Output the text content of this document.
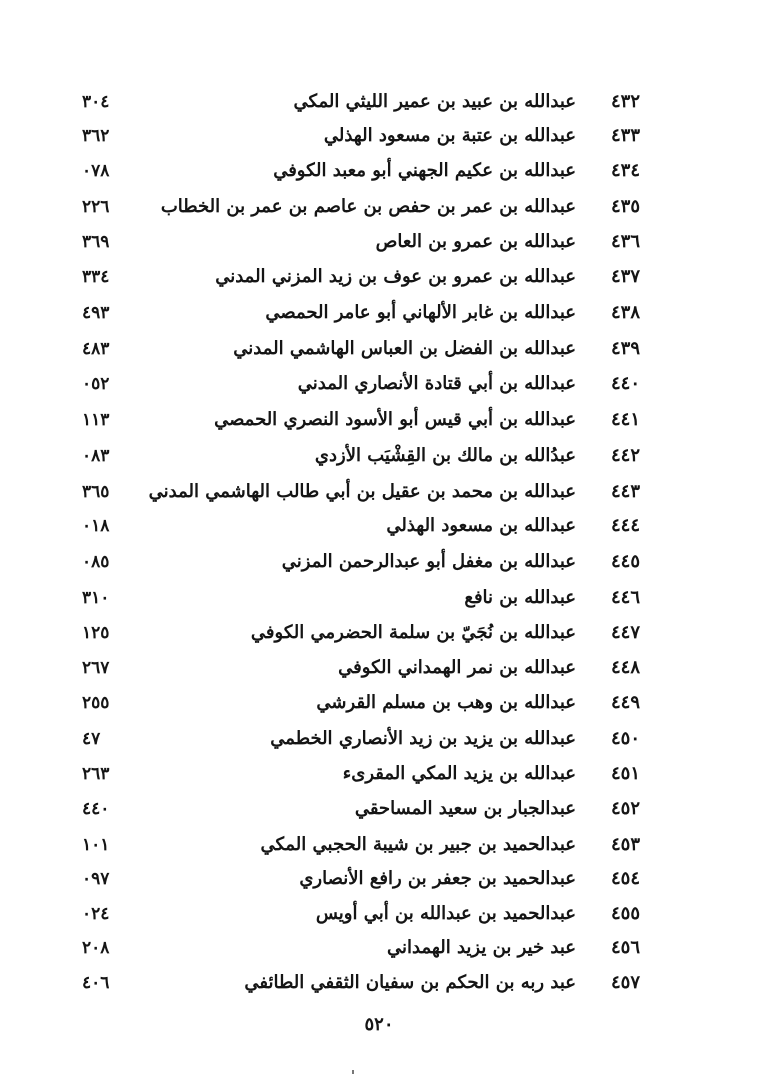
٤٣٢
عبدالله بن عبيد بن عمير الليثي المكي
٣٠٤
٤٣٣
عبدالله بن عتبة بن مسعود الهذلي
٣٦٢
٤٣٤
عبدالله بن عكيم الجهني أبو معبد الكوفي
٠٧٨
٤٣٥
عبدالله بن عمر بن حفص بن عاصم بن عمر بن الخطاب
٢٢٦
٤٣٦
عبدالله بن عمرو بن العاص
٣٦٩
٤٣٧
عبدالله بن عمرو بن عوف بن زيد المزني المدني
٣٣٤
٤٣٨
عبدالله بن غابر الألهاني أبو عامر الحمصي
٤٩٣
٤٣٩
عبدالله بن الفضل بن العباس الهاشمي المدني
٤٨٣
٤٤٠
عبدالله بن أبي قتادة الأنصاري المدني
٠٥٢
٤٤١
عبدالله بن أبي قيس أبو الأسود النصري الحمصي
١١٣
٤٤٢
عبدُالله بن مالك بن القِشْيَب الأزدي
٠٨٣
٤٤٣
عبدالله بن محمد بن عقيل بن أبي طالب الهاشمي المدني
٣٦٥
٤٤٤
عبدالله بن مسعود الهذلي
٠١٨
٤٤٥
عبدالله بن مغفل أبو عبدالرحمن المزني
٠٨٥
٤٤٦
عبدالله بن نافع
٣١٠
٤٤٧
عبدالله بن نُجَيّ بن سلمة الحضرمي الكوفي
١٢٥
٤٤٨
عبدالله بن نمر الهمداني الكوفي
٢٦٧
٤٤٩
عبدالله بن وهب بن مسلم القرشي
٢٥٥
٤٥٠
عبدالله بن يزيد بن زيد الأنصاري الخطمي
٤٧
٤٥١
عبدالله بن يزيد المكي المقرىء
٢٦٣
٤٥٢
عبدالجبار بن سعيد المساحقي
٤٤٠
٤٥٣
عبدالحميد بن جبير بن شيبة الحجبي المكي
١٠١
٤٥٤
عبدالحميد بن جعفر بن رافع الأنصاري
٠٩٧
٤٥٥
عبدالحميد بن عبدالله بن أبي أويس
٠٢٤
٤٥٦
عبد خير بن يزيد الهمداني
٢٠٨
٤٥٧
عبد ربه بن الحكم بن سفيان الثقفي الطائفي
٤٠٦
٥٢٠
